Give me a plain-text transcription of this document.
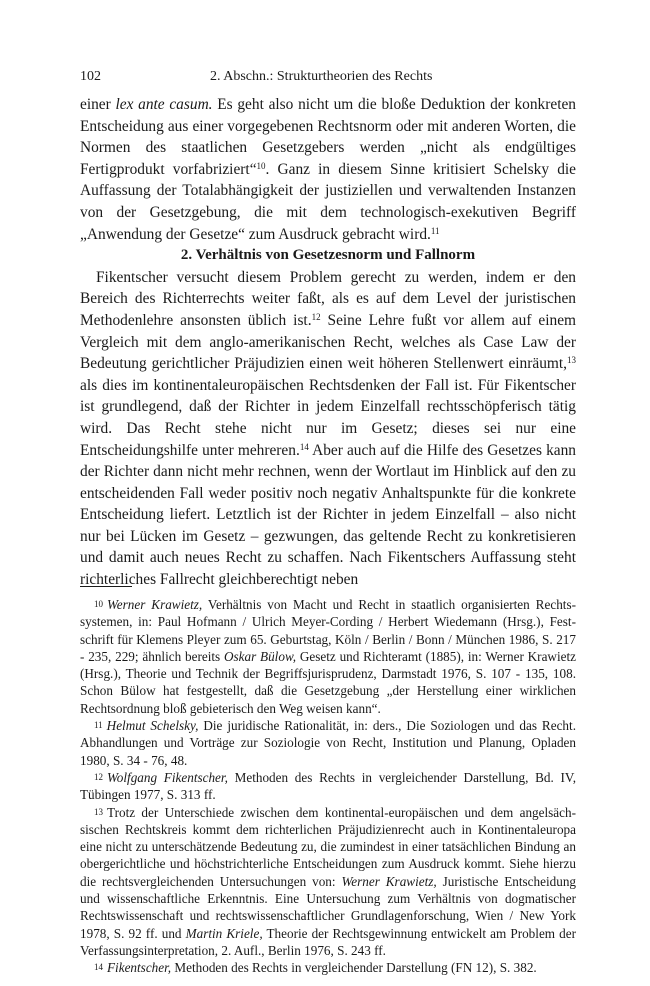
102	2. Abschn.: Strukturtheorien des Rechts

einer lex ante casum. Es geht also nicht um die bloße Deduktion der konkreten Entscheidung aus einer vorgegebenen Rechtsnorm oder mit anderen Worten, die Normen des staatlichen Gesetzgebers werden „nicht als endgültiges Fertigprodukt vorfabriziert“$^{10}$. Ganz in diesem Sinne kritisiert Schelsky die Auffassung der Totalabhängigkeit der justiziellen und verwaltenden Instanzen von der Gesetzgebung, die mit dem technologisch-exekutiven Begriff „Anwendung der Gesetze“ zum Ausdruck gebracht wird.$^{11}$

2. Verhältnis von Gesetzesnorm und Fallnorm

Fikentscher versucht diesem Problem gerecht zu werden, indem er den Bereich des Richterrechts weiter faßt, als es auf dem Level der juristischen Methodenlehre ansonsten üblich ist.$^{12}$ Seine Lehre fußt vor allem auf einem Vergleich mit dem anglo-amerikanischen Recht, welches als Case Law der Bedeutung gerichtlicher Präjudizien einen weit höheren Stellenwert einräumt,$^{13}$ als dies im kontinentaleuropäischen Rechtsdenken der Fall ist. Für Fikentscher ist grundlegend, daß der Richter in jedem Einzelfall rechtsschöpferisch tätig wird. Das Recht stehe nicht nur im Gesetz; dieses sei nur eine Entscheidungshilfe unter mehreren.$^{14}$ Aber auch auf die Hilfe des Gesetzes kann der Richter dann nicht mehr rechnen, wenn der Wortlaut im Hinblick auf den zu entscheidenden Fall weder positiv noch negativ Anhaltspunkte für die konkrete Entscheidung liefert. Letztlich ist der Richter in jedem Einzelfall – also nicht nur bei Lücken im Gesetz – gezwungen, das geltende Recht zu konkretisieren und damit auch neues Recht zu schaffen. Nach Fikentschers Auffassung steht richterliches Fallrecht gleichberechtigt neben

10 Werner Krawietz, Verhältnis von Macht und Recht in staatlich organisierten Rechtssystemen, in: Paul Hofmann / Ulrich Meyer-Cording / Herbert Wiedemann (Hrsg.), Festschrift für Klemens Pleyer zum 65. Geburtstag, Köln / Berlin / Bonn / München 1986, S. 217 - 235, 229; ähnlich bereits Oskar Bülow, Gesetz und Richteramt (1885), in: Werner Krawietz (Hrsg.), Theorie und Technik der Begriffsjurisprudenz, Darmstadt 1976, S. 107 - 135, 108. Schon Bülow hat festgestellt, daß die Gesetzgebung „der Herstellung einer wirklichen Rechtsordnung bloß gebieterisch den Weg weisen kann“.

11 Helmut Schelsky, Die juridische Rationalität, in: ders., Die Soziologen und das Recht. Abhandlungen und Vorträge zur Soziologie von Recht, Institution und Planung, Opladen 1980, S. 34 - 76, 48.

12 Wolfgang Fikentscher, Methoden des Rechts in vergleichender Darstellung, Bd. IV, Tübingen 1977, S. 313 ff.

13 Trotz der Unterschiede zwischen dem kontinental-europäischen und dem angelsächsischen Rechtskreis kommt dem richterlichen Präjudizienrecht auch in Kontinentaleuropa eine nicht zu unterschätzende Bedeutung zu, die zumindest in einer tatsächlichen Bindung an obergerichtliche und höchstrichterliche Entscheidungen zum Ausdruck kommt. Siehe hierzu die rechtsvergleichenden Untersuchungen von: Werner Krawietz, Juristische Entscheidung und wissenschaftliche Erkenntnis. Eine Untersuchung zum Verhältnis von dogmatischer Rechtswissenschaft und rechtswissenschaftlicher Grundlagenforschung, Wien / New York 1978, S. 92 ff. und Martin Kriele, Theorie der Rechtsgewinnung entwickelt am Problem der Verfassungsinterpretation, 2. Aufl., Berlin 1976, S. 243 ff.

14 Fikentscher, Methoden des Rechts in vergleichender Darstellung (FN 12), S. 382.
